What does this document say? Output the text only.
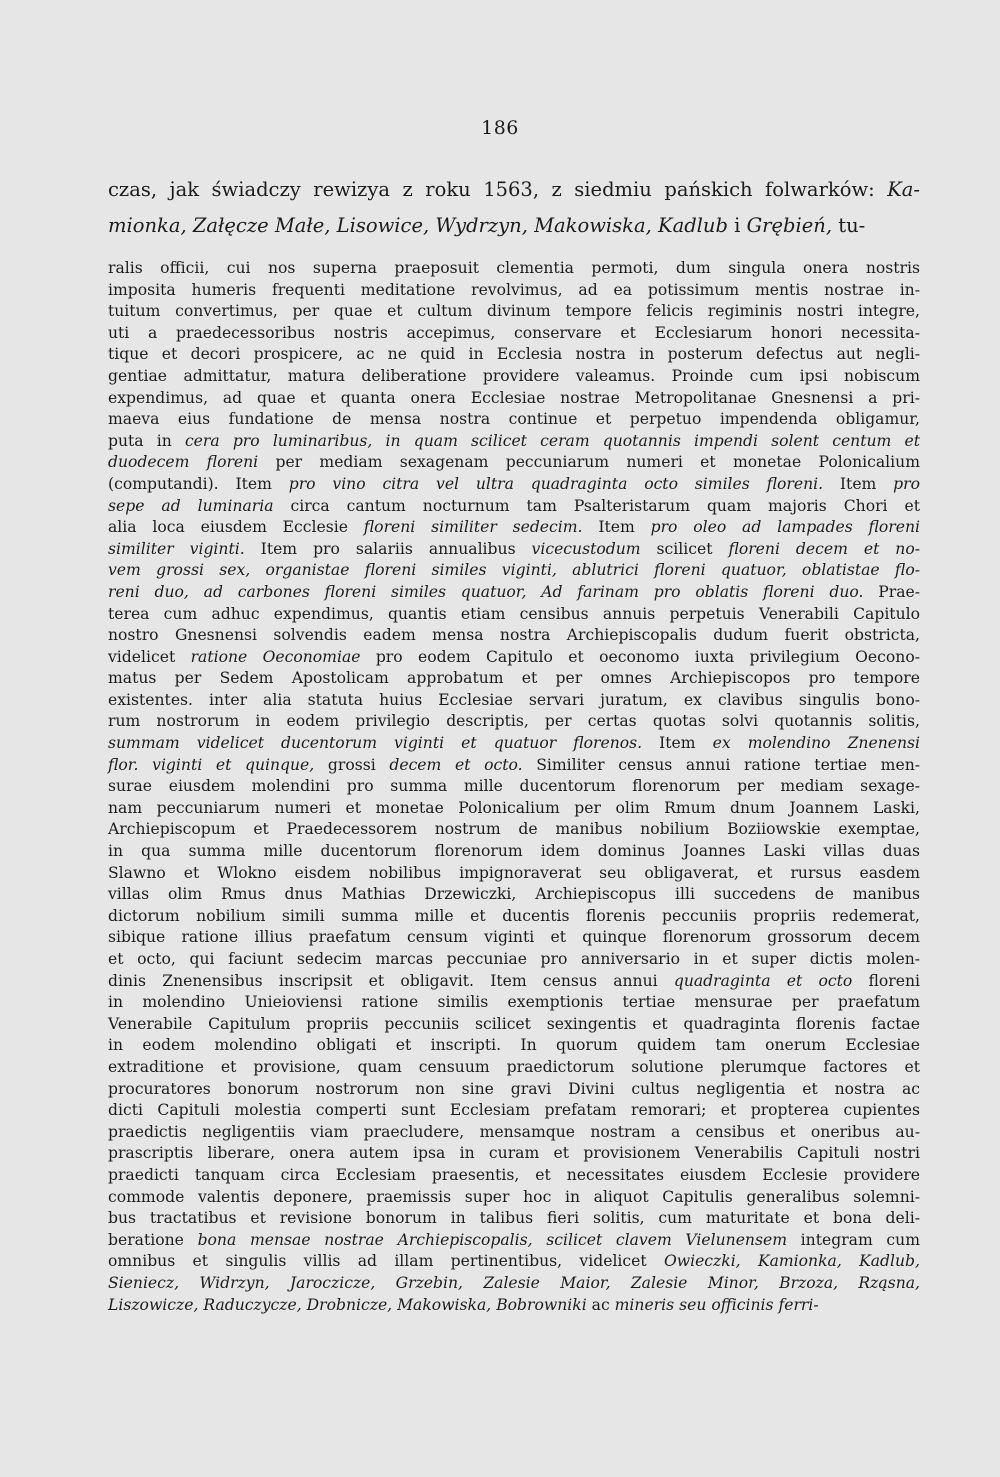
186
czas, jak świadczy rewizya z roku 1563, z siedmiu pańskich folwarków: Ka-
mionka, Załęcze Małe, Lisowice, Wydrzyn, Makowiska, Kadlub i Grębień, tu-
ralis officii, cui nos superna praeposuit clementia permoti, dum singula onera nostris
imposita humeris frequenti meditatione revolvimus, ad ea potissimum mentis nostrae in-
tuitum convertimus, per quae et cultum divinum tempore felicis regiminis nostri integre,
uti a praedecessoribus nostris accepimus, conservare et Ecclesiarum honori necessita-
tique et decori prospicere, ac ne quid in Ecclesia nostra in posterum defectus aut negli-
gentiae admittatur, matura deliberatione providere valeamus. Proinde cum ipsi nobiscum
expendimus, ad quae et quanta onera Ecclesiae nostrae Metropolitanae Gnesnensi a pri-
maeva eius fundatione de mensa nostra continue et perpetuo impendenda obligamur,
puta in cera pro luminaribus, in quam scilicet ceram quotannis impendi solent centum et
duodecem floreni per mediam sexagenam peccuniarum numeri et monetae Polonicalium
(computandi). Item pro vino citra vel ultra quadraginta octo similes floreni. Item pro
sepe ad luminaria circa cantum nocturnum tam Psalteristarum quam majoris Chori et
alia loca eiusdem Ecclesie floreni similiter sedecim. Item pro oleo ad lampades floreni
similiter viginti. Item pro salariis annualibus vicecustodum scilicet floreni decem et no-
vem grossi sex, organistae floreni similes viginti, ablutrici floreni quatuor, oblatistae flo-
reni duo, ad carbones floreni similes quatuor, Ad farinam pro oblatis floreni duo. Prae-
terea cum adhuc expendimus, quantis etiam censibus annuis perpetuis Venerabili Capitulo
nostro Gnesnensi solvendis eadem mensa nostra Archiepiscopalis dudum fuerit obstricta,
videlicet ratione Oeconomiae pro eodem Capitulo et oeconomo iuxta privilegium Oecono-
matus per Sedem Apostolicam approbatum et per omnes Archiepiscopos pro tempore
existentes. inter alia statuta huius Ecclesiae servari juratum, ex clavibus singulis bono-
rum nostrorum in eodem privilegio descriptis, per certas quotas solvi quotannis solitis,
summam videlicet ducentorum viginti et quatuor florenos. Item ex molendino Znenensi
flor. viginti et quinque, grossi decem et octo. Similiter census annui ratione tertiae men-
surae eiusdem molendini pro summa mille ducentorum florenorum per mediam sexage-
nam peccuniarum numeri et monetae Polonicalium per olim Rmum dnum Joannem Laski,
Archiepiscopum et Praedecessorem nostrum de manibus nobilium Boziiowskie exemptae,
in qua summa mille ducentorum florenorum idem dominus Joannes Laski villas duas
Slawno et Wlokno eisdem nobilibus impignoraverat seu obligaverat, et rursus easdem
villas olim Rmus dnus Mathias Drzewiczki, Archiepiscopus illi succedens de manibus
dictorum nobilium simili summa mille et ducentis florenis peccuniis propriis redemerat,
sibique ratione illius praefatum censum viginti et quinque florenorum grossorum decem
et octo, qui faciunt sedecim marcas peccuniae pro anniversario in et super dictis molen-
dinis Znenensibus inscripsit et obligavit. Item census annui quadraginta et octo floreni
in molendino Unieioviensi ratione similis exemptionis tertiae mensurae per praefatum
Venerabile Capitulum propriis peccuniis scilicet sexingentis et quadraginta florenis factae
in eodem molendino obligati et inscripti. In quorum quidem tam onerum Ecclesiae
extraditione et provisione, quam censuum praedictorum solutione plerumque factores et
procuratores bonorum nostrorum non sine gravi Divini cultus negligentia et nostra ac
dicti Capituli molestia comperti sunt Ecclesiam prefatam remorari; et propterea cupientes
praedictis negligentiis viam praecludere, mensamque nostram a censibus et oneribus au-
prascriptis liberare, onera autem ipsa in curam et provisionem Venerabilis Capituli nostri
praedicti tanquam circa Ecclesiam praesentis, et necessitates eiusdem Ecclesie providere
commode valentis deponere, praemissis super hoc in aliquot Capitulis generalibus solemni-
bus tractatibus et revisione bonorum in talibus fieri solitis, cum maturitate et bona deli-
beratione bona mensae nostrae Archiepiscopalis, scilicet clavem Vielunensem integram cum
omnibus et singulis villis ad illam pertinentibus, videlicet Owieczki, Kamionka, Kadlub,
Sieniecz, Widrzyn, Jaroczicze, Grzebin, Zalesie Maior, Zalesie Minor, Brzoza, Rząsna,
Liszowicze, Raduczycze, Drobnicze, Makowiska, Bobrowniki ac mineris seu officinis ferri-
